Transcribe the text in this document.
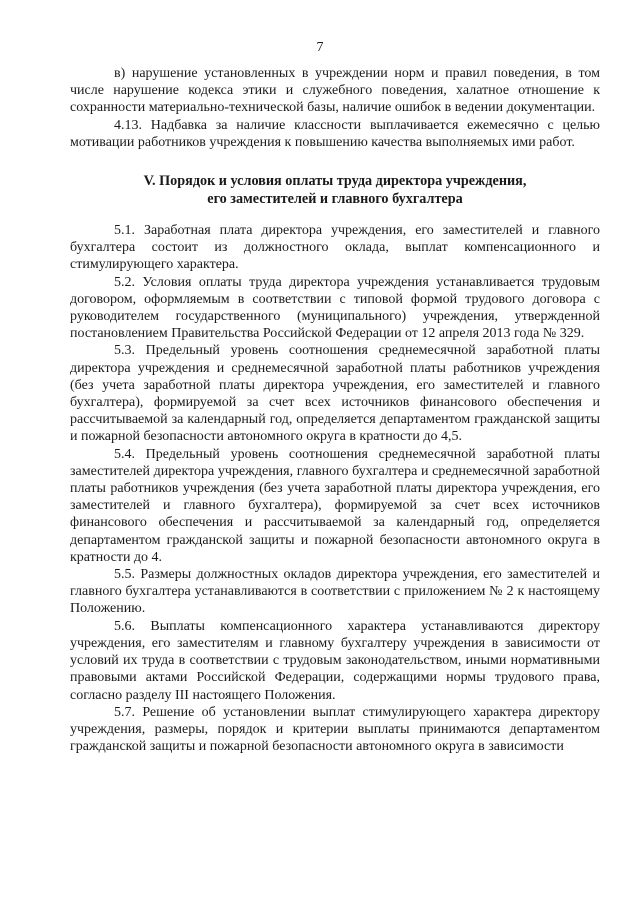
7

в) нарушение установленных в учреждении норм и правил поведения, в том числе нарушение кодекса этики и служебного поведения, халатное отношение к сохранности материально-технической базы, наличие ошибок в ведении документации.

4.13. Надбавка за наличие классности выплачивается ежемесячно с целью мотивации работников учреждения к повышению качества выполняемых ими работ.

V. Порядок и условия оплаты труда директора учреждения,
его заместителей и главного бухгалтера

5.1. Заработная плата директора учреждения, его заместителей и главного бухгалтера состоит из должностного оклада, выплат компенсационного и стимулирующего характера.

5.2. Условия оплаты труда директора учреждения устанавливается трудовым договором, оформляемым в соответствии с типовой формой трудового договора с руководителем государственного (муниципального) учреждения, утвержденной постановлением Правительства Российской Федерации от 12 апреля 2013 года № 329.

5.3. Предельный уровень соотношения среднемесячной заработной платы директора учреждения и среднемесячной заработной платы работников учреждения (без учета заработной платы директора учреждения, его заместителей и главного бухгалтера), формируемой за счет всех источников финансового обеспечения и рассчитываемой за календарный год, определяется департаментом гражданской защиты и пожарной безопасности автономного округа в кратности до 4,5.

5.4. Предельный уровень соотношения среднемесячной заработной платы заместителей директора учреждения, главного бухгалтера и среднемесячной заработной платы работников учреждения (без учета заработной платы директора учреждения, его заместителей и главного бухгалтера), формируемой за счет всех источников финансового обеспечения и рассчитываемой за календарный год, определяется департаментом гражданской защиты и пожарной безопасности автономного округа в кратности до 4.

5.5. Размеры должностных окладов директора учреждения, его заместителей и главного бухгалтера устанавливаются в соответствии с приложением № 2 к настоящему Положению.

5.6. Выплаты компенсационного характера устанавливаются директору учреждения, его заместителям и главному бухгалтеру учреждения в зависимости от условий их труда в соответствии с трудовым законодательством, иными нормативными правовыми актами Российской Федерации, содержащими нормы трудового права, согласно разделу III настоящего Положения.

5.7. Решение об установлении выплат стимулирующего характера директору учреждения, размеры, порядок и критерии выплаты принимаются департаментом гражданской защиты и пожарной безопасности автономного округа в зависимости
